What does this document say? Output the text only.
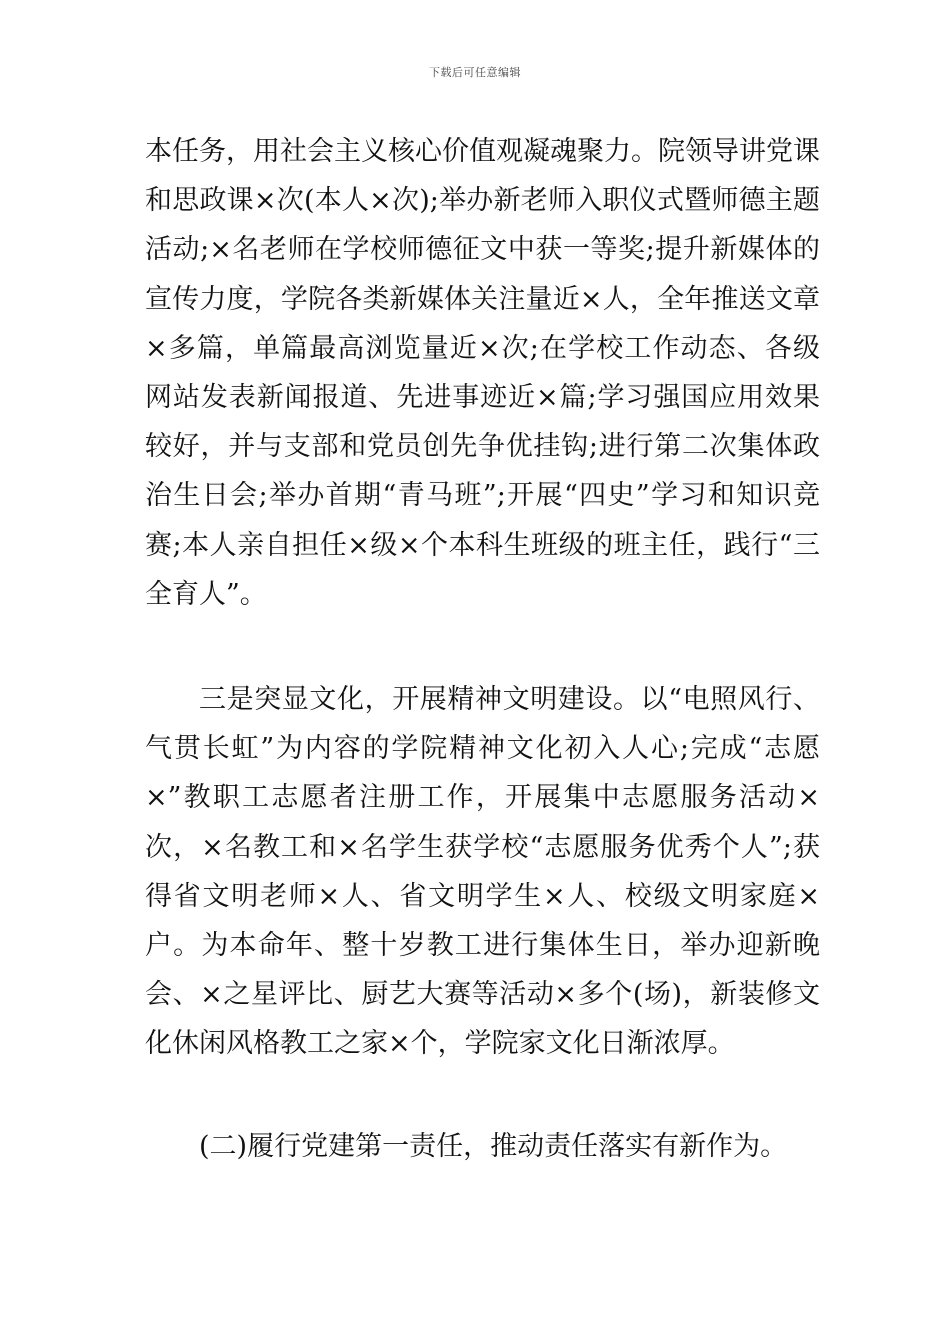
下载后可任意编辑

本任务，用社会主义核心价值观凝魂聚力。院领导讲党课和思政课×次(本人×次);举办新老师入职仪式暨师德主题活动;×名老师在学校师德征文中获一等奖;提升新媒体的宣传力度，学院各类新媒体关注量近×人，全年推送文章×多篇，单篇最高浏览量近×次;在学校工作动态、各级网站发表新闻报道、先进事迹近×篇;学习强国应用效果较好，并与支部和党员创先争优挂钩;进行第二次集体政治生日会;举办首期“青马班”;开展“四史”学习和知识竞赛;本人亲自担任×级×个本科生班级的班主任，践行“三全育人”。

三是突显文化，开展精神文明建设。以“电照风行、气贯长虹”为内容的学院精神文化初入人心;完成“志愿×”教职工志愿者注册工作，开展集中志愿服务活动×次，×名教工和×名学生获学校“志愿服务优秀个人”;获得省文明老师×人、省文明学生×人、校级文明家庭×户。为本命年、整十岁教工进行集体生日，举办迎新晚会、×之星评比、厨艺大赛等活动×多个(场)，新装修文化休闲风格教工之家×个，学院家文化日渐浓厚。

(二)履行党建第一责任，推动责任落实有新作为。
